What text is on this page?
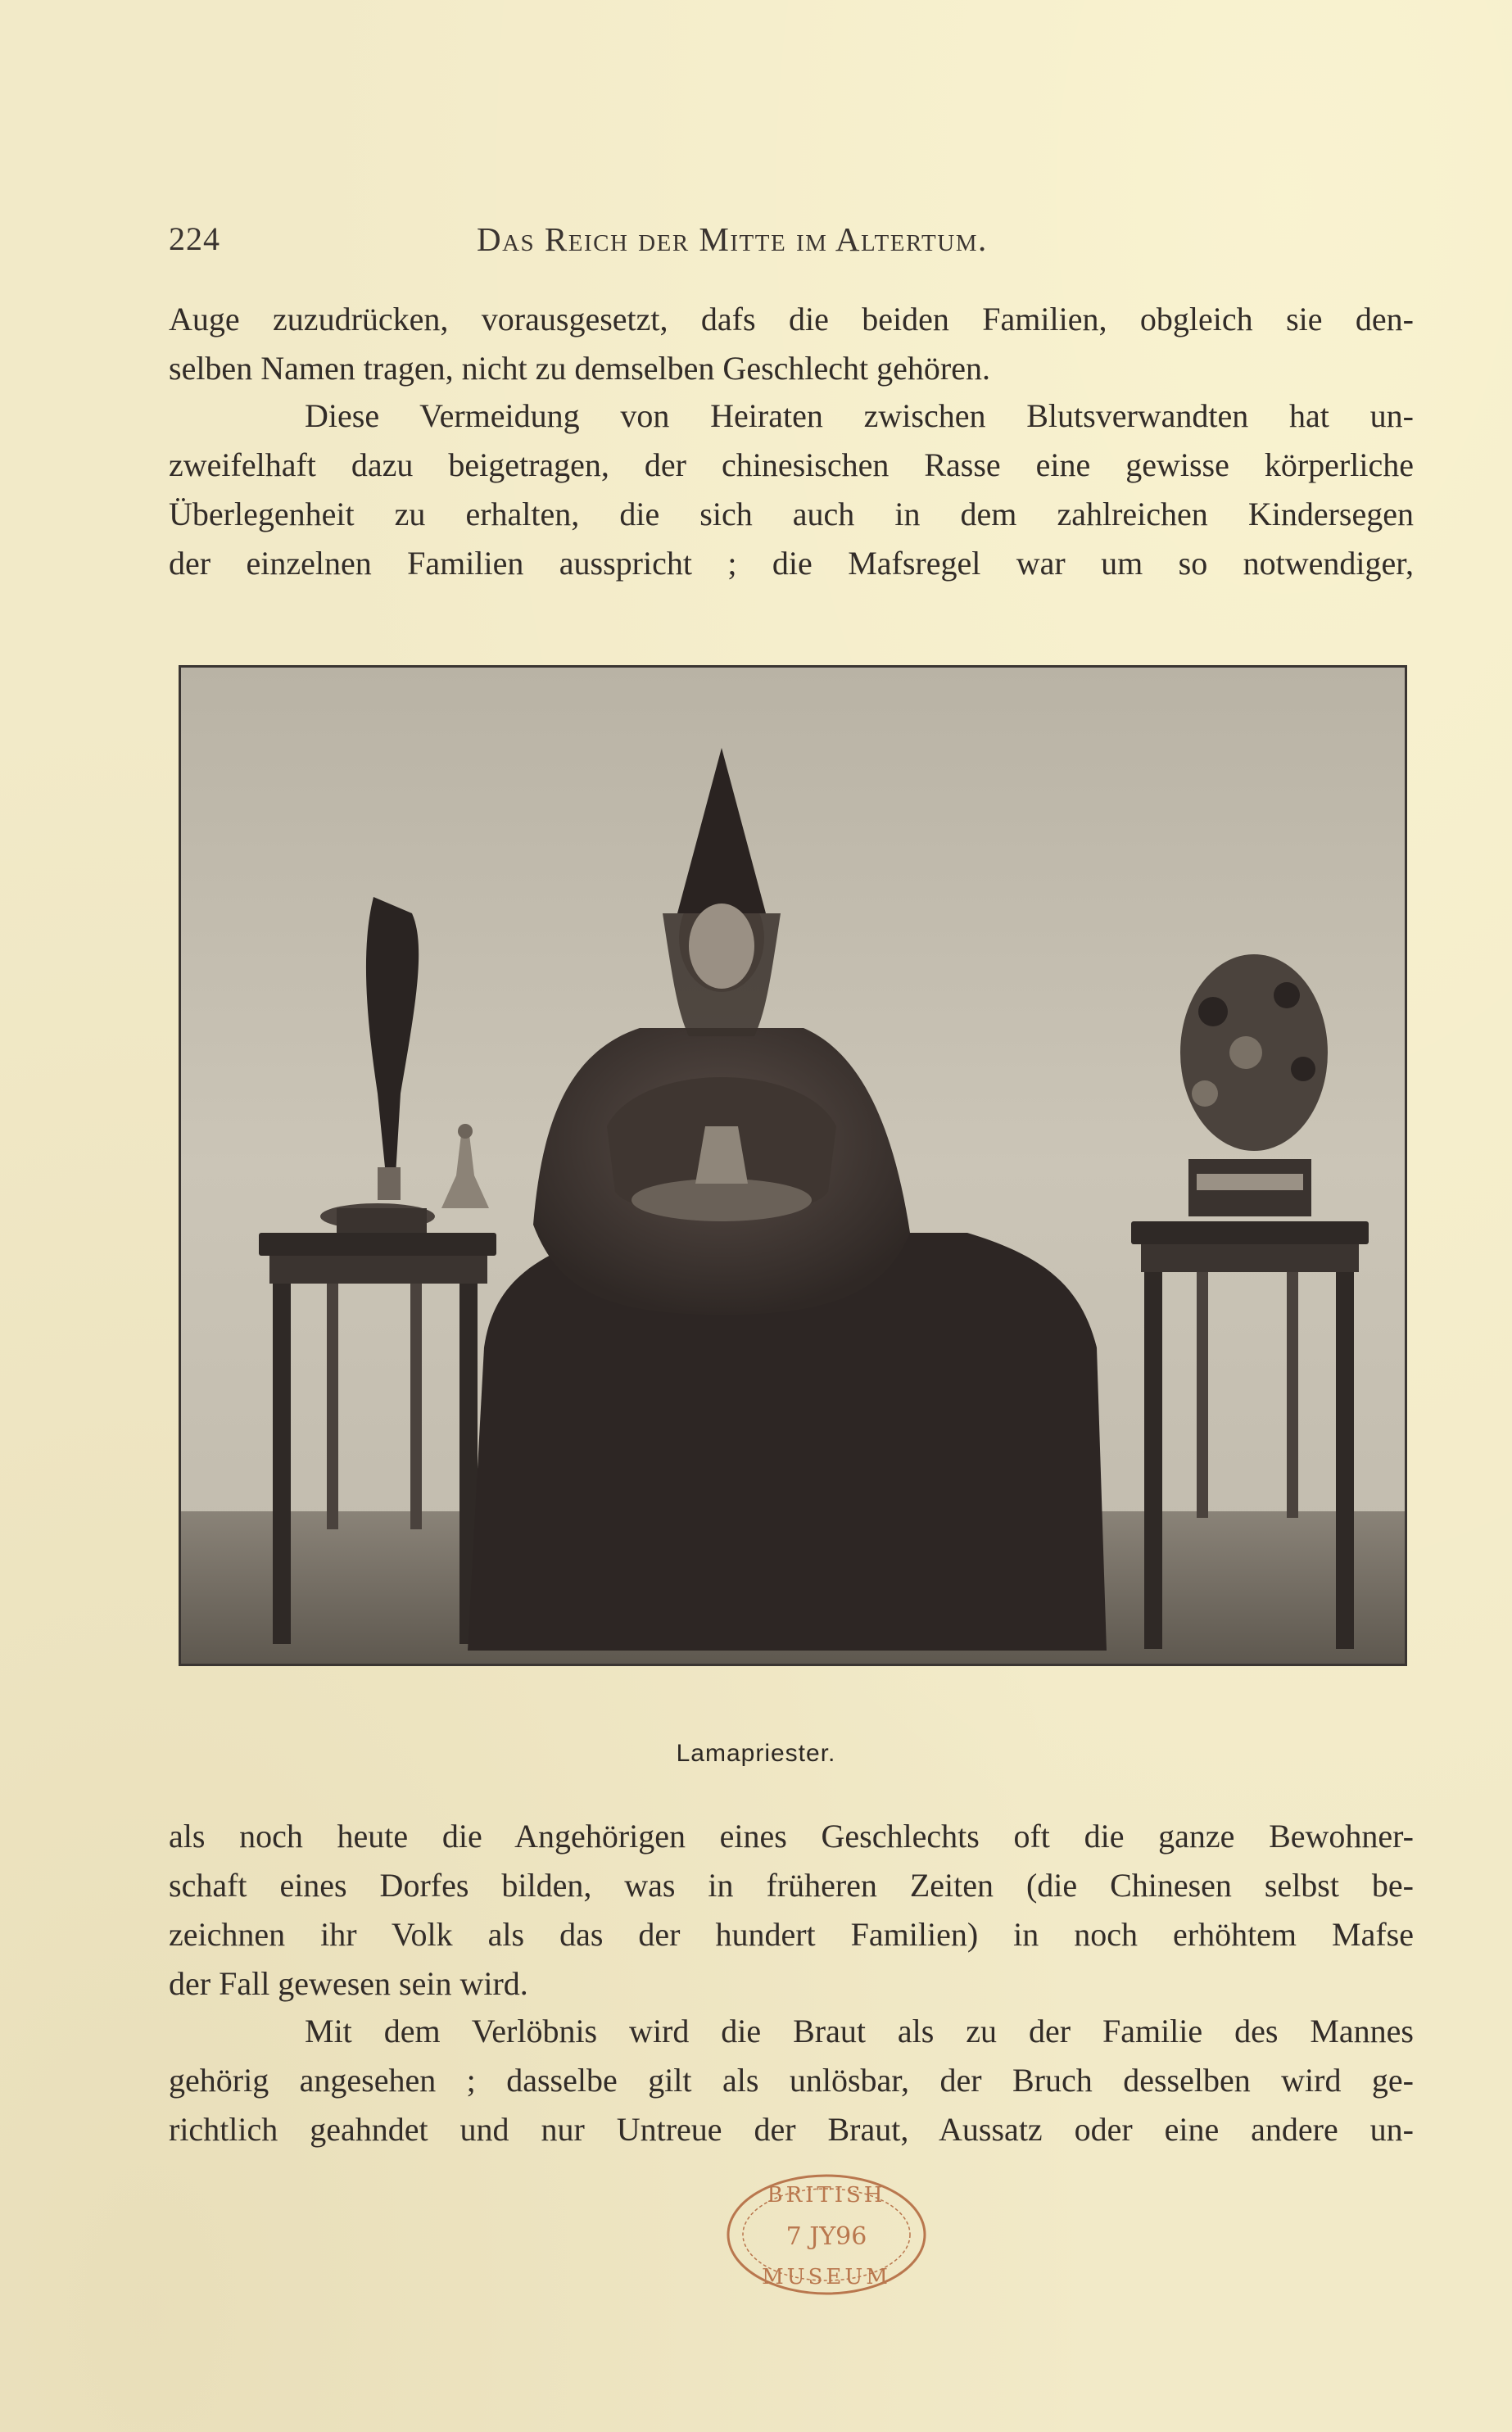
224	Das Reich der Mitte im Altertum.
Auge zuzudrücken, vorausgesetzt, dafs die beiden Familien, obgleich sie den-
selben Namen tragen, nicht zu demselben Geschlecht gehören.
Diese Vermeidung von Heiraten zwischen Blutsverwandten hat un-
zweifelhaft dazu beigetragen, der chinesischen Rasse eine gewisse körperliche
Überlegenheit zu erhalten, die sich auch in dem zahlreichen Kindersegen
der einzelnen Familien ausspricht ; die Mafsregel war um so notwendiger,
Lamapriester.
als noch heute die Angehörigen eines Geschlechts oft die ganze Bewohner-
schaft eines Dorfes bilden, was in früheren Zeiten (die Chinesen selbst be-
zeichnen ihr Volk als das der hundert Familien) in noch erhöhtem Mafse
der Fall gewesen sein wird.
Mit dem Verlöbnis wird die Braut als zu der Familie des Mannes
gehörig angesehen ; dasselbe gilt als unlösbar, der Bruch desselben wird ge-
richtlich geahndet und nur Untreue der Braut, Aussatz oder eine andere un-
BRITISH
7 JY96
MUSEUM
